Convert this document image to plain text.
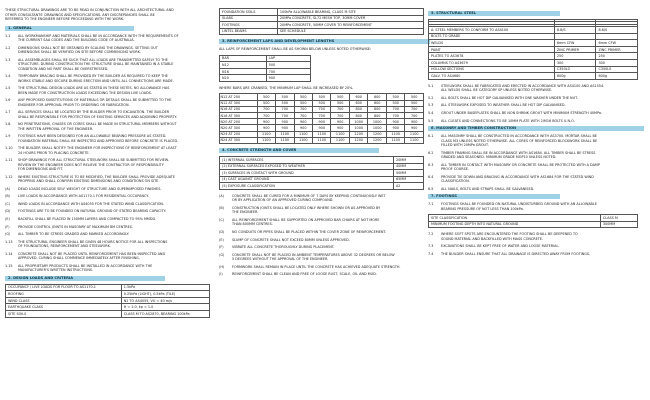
THESE STRUCTURAL DRAWINGS ARE TO BE READ IN CONJUNCTION WITH ALL ARCHITECTURAL AND
OTHER CONSULTANTS' DRAWINGS AND SPECIFICATIONS. ANY DISCREPANCIES SHALL BE
REFERRED TO THE ENGINEER BEFORE PROCEEDING WITH THE WORK.
1. GENERAL
1.1	ALL WORKMANSHIP AND MATERIALS SHALL BE IN ACCORDANCE WITH THE REQUIREMENTS OF
THE CURRENT SAA CODES AND THE BUILDING CODE OF AUSTRALIA.
1.2	DIMENSIONS SHALL NOT BE OBTAINED BY SCALING THE DRAWINGS. SETTING OUT
DIMENSIONS SHALL BE VERIFIED ON SITE BEFORE COMMENCING WORK.
1.3	ALL ASSEMBLAGES SHALL BE SUCH THAT ALL LOADS ARE TRANSMITTED SAFELY TO THE
STRUCTURE. DURING CONSTRUCTION THE STRUCTURE SHALL BE MAINTAINED IN A STABLE
CONDITION AND NO PART SHALL BE OVERSTRESSED.
1.4	TEMPORARY BRACING SHALL BE PROVIDED BY THE BUILDER AS REQUIRED TO KEEP THE
WORKS STABLE AND SECURE DURING ERECTION AND UNTIL ALL CONNECTIONS ARE MADE.
1.5	THE STRUCTURAL DESIGN LOADS ARE AS STATED IN THESE NOTES. NO ALLOWANCE HAS
BEEN MADE FOR CONSTRUCTION LOADS EXCEEDING THE DESIGN LIVE LOADS.
1.6	ANY PROPOSED SUBSTITUTIONS OF MATERIALS OR DETAILS SHALL BE SUBMITTED TO THE
ENGINEER FOR APPROVAL PRIOR TO ORDERING OR FABRICATION.
1.7	ALL SERVICES SHALL BE LOCATED BY THE BUILDER PRIOR TO EXCAVATION. THE BUILDER
SHALL BE RESPONSIBLE FOR PROTECTION OF EXISTING SERVICES AND ADJOINING PROPERTY.
1.8	NO PENETRATIONS, CHASES OR CORES SHALL BE MADE IN STRUCTURAL MEMBERS WITHOUT
THE WRITTEN APPROVAL OF THE ENGINEER.
1.9	FOOTINGS HAVE BEEN DESIGNED FOR AN ALLOWABLE BEARING PRESSURE AS STATED.
FOUNDATION MATERIAL SHALL BE INSPECTED AND APPROVED BEFORE CONCRETE IS PLACED.
1.10	THE BUILDER SHALL NOTIFY THE ENGINEER FOR INSPECTIONS OF REINFORCEMENT AT LEAST
24 HOURS PRIOR TO PLACING CONCRETE.
1.11	SHOP DRAWINGS FOR ALL STRUCTURAL STEELWORK SHALL BE SUBMITTED FOR REVIEW.
REVIEW BY THE ENGINEER DOES NOT RELIEVE THE CONTRACTOR OF RESPONSIBILITY
FOR DIMENSIONS AND FIT.
1.12	WHERE EXISTING STRUCTURE IS TO BE MODIFIED, THE BUILDER SHALL PROVIDE ADEQUATE
PROPPING AND SHALL CONFIRM EXISTING DIMENSIONS AND CONDITIONS ON SITE.
(A)	DEAD LOADS INCLUDE SELF WEIGHT OF STRUCTURE AND SUPERIMPOSED FINISHES.
(B)	LIVE LOADS IN ACCORDANCE WITH AS1170.1 FOR RESIDENTIAL OCCUPANCY.
(C)	WIND LOADS IN ACCORDANCE WITH AS4055 FOR THE STATED WIND CLASSIFICATION.
(D)	FOOTINGS ARE TO BE FOUNDED ON NATURAL GROUND OF STATED BEARING CAPACITY.
(E)	BACKFILL SHALL BE PLACED IN 150MM LAYERS AND COMPACTED TO 95% MMDD.
(F)	PROVIDE CONTROL JOINTS IN MASONRY AT MAXIMUM 8M CENTRES.
(G)	ALL TIMBER TO BE STRESS GRADED AND MARKED ACCORDINGLY.
1.13	THE STRUCTURAL ENGINEER SHALL BE GIVEN 48 HOURS NOTICE FOR ALL INSPECTIONS
OF FOUNDATIONS, REINFORCEMENT AND STEELWORK.
1.14	CONCRETE SHALL NOT BE PLACED UNTIL REINFORCEMENT HAS BEEN INSPECTED AND
APPROVED. CURING SHALL COMMENCE IMMEDIATELY AFTER FINISHING.
1.15	ALL PROPRIETARY PRODUCTS SHALL BE INSTALLED IN ACCORDANCE WITH THE
MANUFACTURER'S WRITTEN INSTRUCTIONS.
2. DESIGN LOADS AND CRITERIA
OCCUPANCY / LIVE LOADS FOR FLOOR TO AS1170.1	1.5kPa
ROOFING	0.25kPa (LIGHT), 0.5kPa (TILE)
WIND CLASS	N2 TO AS4055, VU = 40 m/s
EARTHQUAKE CLASS	H = 1.0, kp = 1.0
SITE SOILS	CLASS M TO AS2870, BEARING 100kPa
FOUNDATION SOILS	100kPa ALLOWABLE BEARING, CLASS M SITE
SLABS	20MPa CONCRETE, SL72 MESH TOP, 30MM COVER
FOOTINGS	20MPa CONCRETE, 50MM COVER TO REINFORCEMENT
LINTEL BEAMS	SEE SCHEDULE
3. REINFORCEMENT LAPS AND DEVELOPMENT LENGTHS
ALL LAPS OF REINFORCEMENT SHALL BE AS SHOWN BELOW UNLESS NOTED OTHERWISE:
BAR	LAP
N12	500
N16	700
N20	900
WHERE BARS ARE CRANKED, THE MINIMUM LAP SHALL BE INCREASED BY 20%.
N12 AT 200	500	500	500	500	500	600	600	500	500
N12 AT 300	500	500	500	500	500	600	600	500	500
N16 AT 200	700	700	700	700	700	800	800	700	700
N16 AT 300	700	700	700	700	700	800	800	700	700
N20 AT 200	900	900	900	900	900	1000	1000	900	900
N20 AT 300	900	900	900	900	900	1000	1000	900	900
N24 AT 200	1100	1100	1100	1100	1100	1200	1200	1100	1100
N24 AT 300	1100	1100	1100	1100	1100	1200	1200	1100	1100
4. CONCRETE STRENGTH AND COVER
(1) INTERNAL SURFACES	20MM
(2) EXTERNAL SURFACES EXPOSED TO WEATHER	40MM
(3) SURFACES IN CONTACT WITH GROUND	50MM
(4) CAST AGAINST GROUND	65MM
(5) EXPOSURE CLASSIFICATION	A2
(A)	CONCRETE SHALL BE CURED FOR A MINIMUM OF 7 DAYS BY KEEPING CONTINUOUSLY WET
OR BY APPLICATION OF AN APPROVED CURING COMPOUND.
(B)	CONSTRUCTION JOINTS SHALL BE LOCATED ONLY WHERE SHOWN OR AS APPROVED BY
THE ENGINEER.
(C)	ALL REINFORCEMENT SHALL BE SUPPORTED ON APPROVED BAR CHAIRS AT NOT MORE
THAN 800MM CENTRES.
(D)	NO CONDUITS OR PIPES SHALL BE PLACED WITHIN THE COVER ZONE OF REINFORCEMENT.
(E)	SLUMP OF CONCRETE SHALL NOT EXCEED 80MM UNLESS APPROVED.
(F)	VIBRATE ALL CONCRETE THOROUGHLY DURING PLACEMENT.
(G)	CONCRETE SHALL NOT BE PLACED IN AMBIENT TEMPERATURES ABOVE 32 DEGREES OR BELOW
5 DEGREES WITHOUT THE APPROVAL OF THE ENGINEER.
(H)	FORMWORK SHALL REMAIN IN PLACE UNTIL THE CONCRETE HAS ACHIEVED ADEQUATE STRENGTH.
(I)	REINFORCEMENT SHALL BE CLEAN AND FREE OF LOOSE RUST, SCALE, OIL AND MUD.
5. STRUCTURAL STEEL

A. STEEL MEMBERS TO CONFORM TO AS4100	8.8/S	8.8/S
BOLTS TO GRADE		
WELDS	6mm CFW	6mm CFW
PAINT	ZINC PRIMER	ZINC PRIMER
PLATES TO AS3678	250	250
COLUMNS TO AS3679	300	300
HOLLOW SECTIONS	C350L0	C350L0
GALV. TO AS4680	600g	600g
5.1	STEELWORK SHALL BE FABRICATED AND ERECTED IN ACCORDANCE WITH AS4100 AND AS1554.
ALL WELDS SHALL BE CATEGORY SP UNLESS NOTED OTHERWISE.
5.2	ALL BOLTS SHALL BE HOT DIP GALVANISED WITH ONE WASHER UNDER THE NUT.
5.3	ALL STEELWORK EXPOSED TO WEATHER SHALL BE HOT DIP GALVANISED.
5.4	GROUT UNDER BASEPLATES SHALL BE NON SHRINK GROUT WITH MINIMUM STRENGTH 40MPa.
5.5	ALL CLEATS AND CONNECTIONS TO BE 10MM PLATE WITH 2/M16 BOLTS U.N.O.
6. MASONRY AND TIMBER CONSTRUCTION
6.1	ALL MASONRY SHALL BE CONSTRUCTED IN ACCORDANCE WITH AS3700. MORTAR SHALL BE
CLASS M3 UNLESS NOTED OTHERWISE. ALL CORES OF REINFORCED BLOCKWORK SHALL BE
FILLED WITH 20MPa GROUT.
6.2	TIMBER FRAMING SHALL BE IN ACCORDANCE WITH AS1684. ALL TIMBER SHALL BE STRESS
GRADED AND SEASONED. MINIMUM GRADE MGP10 UNLESS NOTED.
6.3	ALL TIMBER IN CONTACT WITH MASONRY OR CONCRETE SHALL BE PROTECTED WITH A DAMP
PROOF COURSE.
6.4	PROVIDE TIE DOWN AND BRACING IN ACCORDANCE WITH AS1684 FOR THE STATED WIND
CLASSIFICATION.
6.5	ALL NAILS, BOLTS AND STRAPS SHALL BE GALVANISED.
7. FOOTINGS
7.1	FOOTINGS SHALL BE FOUNDED ON NATURAL UNDISTURBED GROUND WITH AN ALLOWABLE
BEARING PRESSURE OF NOT LESS THAN 100kPa.
SITE CLASSIFICATION	CLASS M
MINIMUM FOOTING DEPTH INTO NATURAL GROUND	300MM
7.2	WHERE SOFT SPOTS ARE ENCOUNTERED THE FOOTING SHALL BE DEEPENED TO
SOUND MATERIAL AND BACKFILLED WITH MASS CONCRETE.
7.3	EXCAVATIONS SHALL BE KEPT FREE OF WATER AND LOOSE MATERIAL.
7.4	THE BUILDER SHALL ENSURE THAT ALL DRAINAGE IS DIRECTED AWAY FROM FOOTINGS.
